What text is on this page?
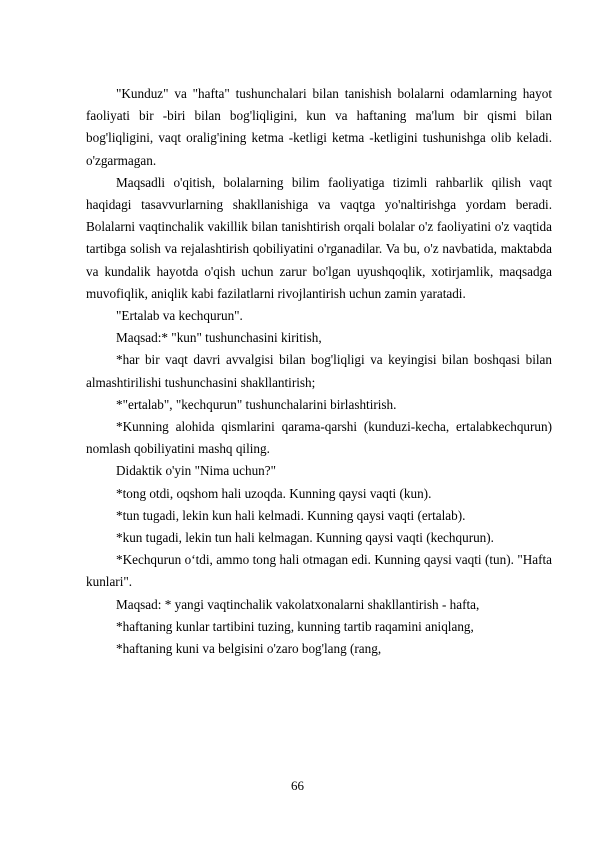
"Kunduz" va "hafta" tushunchalari bilan tanishish bolalarni odamlarning hayot faoliyati bir -biri bilan bog'liqligini, kun va haftaning ma'lum bir qismi bilan bog'liqligini, vaqt oralig'ining ketma -ketligi ketma -ketligini tushunishga olib keladi. o'zgarmagan.

Maqsadli o'qitish, bolalarning bilim faoliyatiga tizimli rahbarlik qilish vaqt haqidagi tasavvurlarning shakllanishiga va vaqtga yo'naltirishga yordam beradi. Bolalarni vaqtinchalik vakillik bilan tanishtirish orqali bolalar o'z faoliyatini o'z vaqtida tartibga solish va rejalashtirish qobiliyatini o'rganadilar. Va bu, o'z navbatida, maktabda va kundalik hayotda o'qish uchun zarur bo'lgan uyushqoqlik, xotirjamlik, maqsadga muvofiqlik, aniqlik kabi fazilatlarni rivojlantirish uchun zamin yaratadi.

"Ertalab va kechqurun".

Maqsad:* "kun" tushunchasini kiritish,

*har bir vaqt davri avvalgisi bilan bog'liqligi va keyingisi bilan boshqasi bilan almashtirilishi tushunchasini shakllantirish;

*"ertalab", "kechqurun" tushunchalarini birlashtirish.

*Kunning alohida qismlarini qarama-qarshi (kunduzi-kecha, ertalabkechqurun) nomlash qobiliyatini mashq qiling.

Didaktik o'yin "Nima uchun?"

*tong otdi, oqshom hali uzoqda. Kunning qaysi vaqti (kun).

*tun tugadi, lekin kun hali kelmadi. Kunning qaysi vaqti (ertalab).

*kun tugadi, lekin tun hali kelmagan. Kunning qaysi vaqti (kechqurun).

*Kechqurun o‘tdi, ammo tong hali otmagan edi. Kunning qaysi vaqti (tun). "Hafta kunlari".

Maqsad: * yangi vaqtinchalik vakolatxonalarni shakllantirish - hafta,

*haftaning kunlar tartibini tuzing, kunning tartib raqamini aniqlang,

*haftaning kuni va belgisini o'zaro bog'lang (rang,

66
